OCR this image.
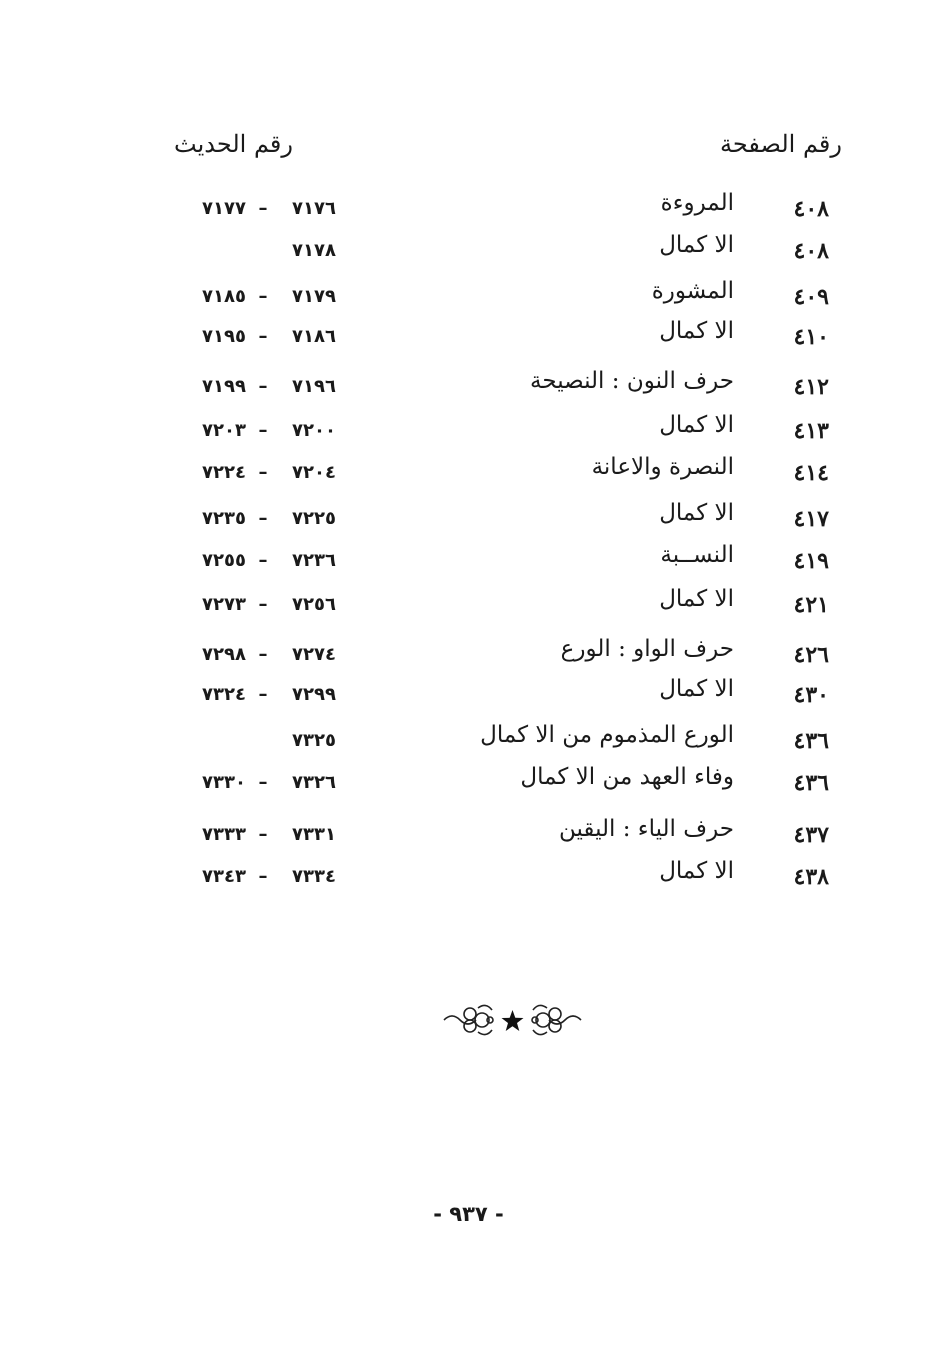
رقم الصفحة
رقم الحديث
٤٠٨
المروءة
٧١٧٦–٧١٧٧
٤٠٨
الا كمال
٧١٧٨
٤٠٩
المشورة
٧١٧٩–٧١٨٥
٤١٠
الا كمال
٧١٨٦–٧١٩٥
٤١٢
حرف النون : النصيحة
٧١٩٦–٧١٩٩
٤١٣
الا كمال
٧٢٠٠–٧٢٠٣
٤١٤
النصرة والاعانة
٧٢٠٤–٧٢٢٤
٤١٧
الا كمال
٧٢٢٥–٧٢٣٥
٤١٩
النســبة
٧٢٣٦–٧٢٥٥
٤٢١
الا كمال
٧٢٥٦–٧٢٧٣
٤٢٦
حرف الواو : الورع
٧٢٧٤–٧٢٩٨
٤٣٠
الا كمال
٧٢٩٩–٧٣٢٤
٤٣٦
الورع المذموم من الا كمال
٧٣٢٥
٤٣٦
وفاء العهد من الا كمال
٧٣٢٦–٧٣٣٠
٤٣٧
حرف الياء : اليقين
٧٣٣١–٧٣٣٣
٤٣٨
الا كمال
٧٣٣٤–٧٣٤٣
- ٩٣٧ -
